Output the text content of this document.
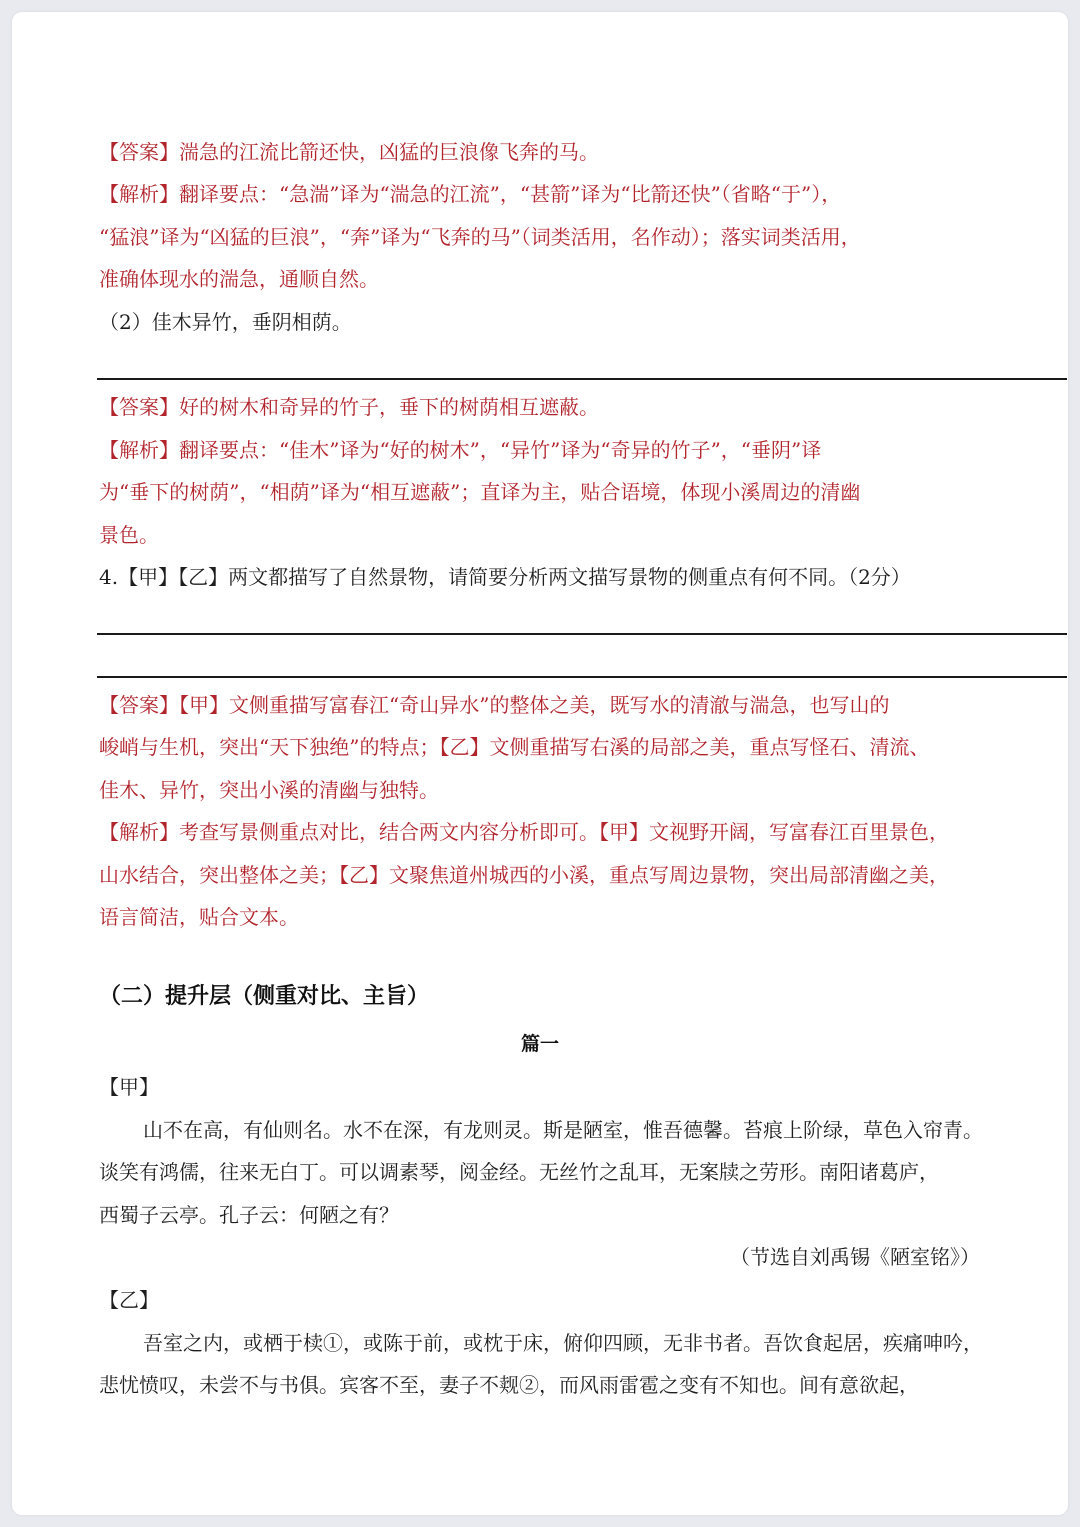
【答案】湍急的江流比箭还快，凶猛的巨浪像飞奔的马。
【解析】翻译要点：“急湍”译为“湍急的江流”，“甚箭”译为“比箭还快”（省略“于”），
“猛浪”译为“凶猛的巨浪”，“奔”译为“飞奔的马”（词类活用，名作动）；落实词类活用，
准确体现水的湍急，通顺自然。
（2）佳木异竹，垂阴相荫。
【答案】好的树木和奇异的竹子，垂下的树荫相互遮蔽。
【解析】翻译要点：“佳木”译为“好的树木”，“异竹”译为“奇异的竹子”，“垂阴”译
为“垂下的树荫”，“相荫”译为“相互遮蔽”；直译为主，贴合语境，体现小溪周边的清幽
景色。
4.【甲】【乙】两文都描写了自然景物，请简要分析两文描写景物的侧重点有何不同。（2分）
【答案】【甲】文侧重描写富春江“奇山异水”的整体之美，既写水的清澈与湍急，也写山的
峻峭与生机，突出“天下独绝”的特点；【乙】文侧重描写右溪的局部之美，重点写怪石、清流、
佳木、异竹，突出小溪的清幽与独特。
【解析】考查写景侧重点对比，结合两文内容分析即可。【甲】文视野开阔，写富春江百里景色，
山水结合，突出整体之美；【乙】文聚焦道州城西的小溪，重点写周边景物，突出局部清幽之美，
语言简洁，贴合文本。
（二）提升层（侧重对比、主旨）
篇一
【甲】
山不在高，有仙则名。水不在深，有龙则灵。斯是陋室，惟吾德馨。苔痕上阶绿，草色入帘青。
谈笑有鸿儒，往来无白丁。可以调素琴，阅金经。无丝竹之乱耳，无案牍之劳形。南阳诸葛庐，
西蜀子云亭。孔子云：何陋之有？
（节选自刘禹锡《陋室铭》）
【乙】
吾室之内，或栖于椟①，或陈于前，或枕于床，俯仰四顾，无非书者。吾饮食起居，疾痛呻吟，
悲忧愤叹，未尝不与书俱。宾客不至，妻子不觌②，而风雨雷雹之变有不知也。间有意欲起，
